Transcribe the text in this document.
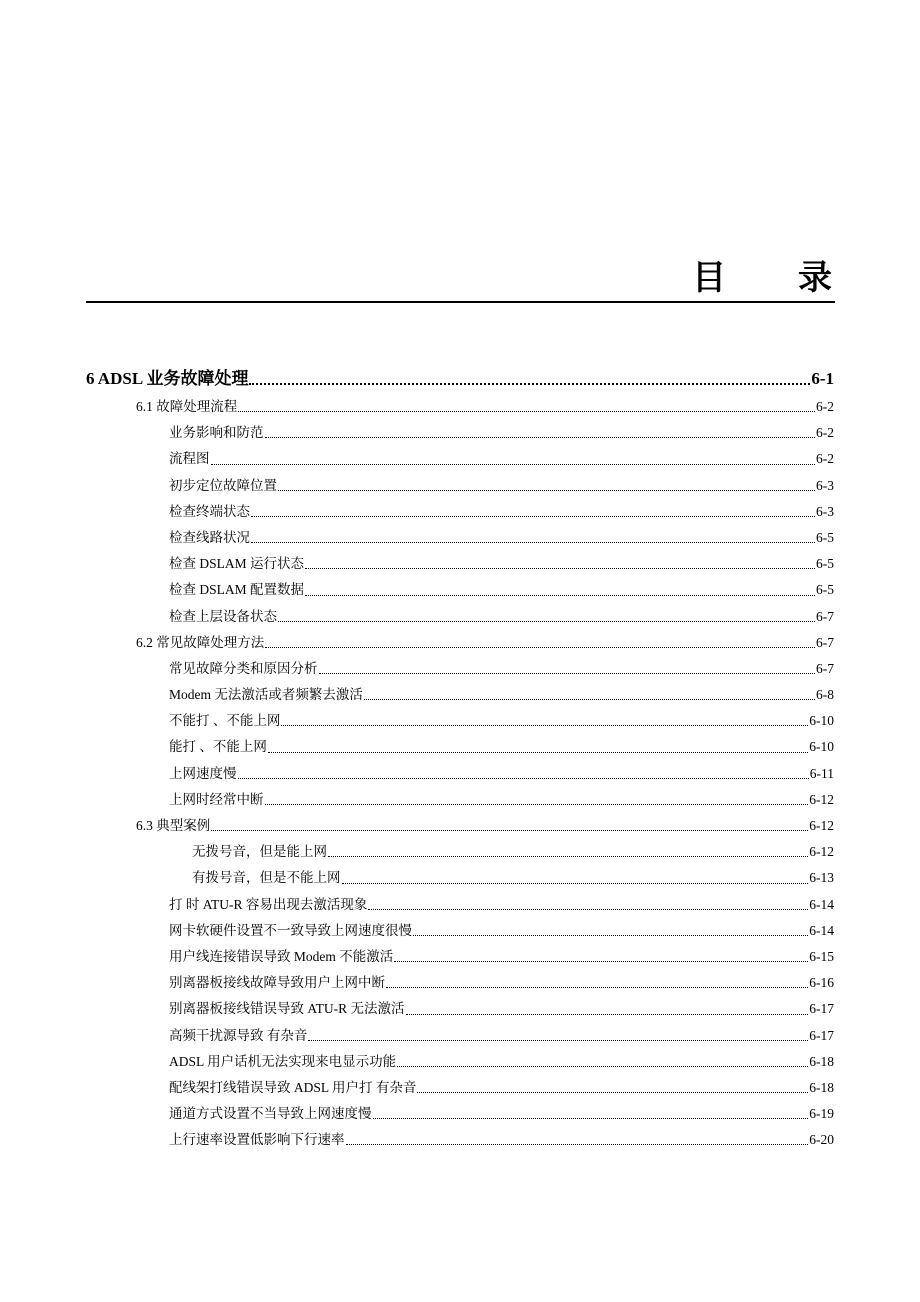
目 录
6 ADSL 业务故障处理	6-1
6.1 故障处理流程	6-2
业务影响和防范	6-2
流程图	6-2
初步定位故障位置	6-3
检查终端状态	6-3
检查线路状况	6-5
检查 DSLAM 运行状态	6-5
检查 DSLAM 配置数据	6-5
检查上层设备状态	6-7
6.2 常见故障处理方法	6-7
常见故障分类和原因分析	6-7
Modem 无法激活或者频繁去激活	6-8
不能打 、不能上网	6-10
能打 、不能上网	6-10
上网速度慢	6-11
上网时经常中断	6-12
6.3 典型案例	6-12
无拨号音，但是能上网	6-12
有拨号音，但是不能上网	6-13
打 时 ATU-R 容易出现去激活现象	6-14
网卡软硬件设置不一致导致上网速度很慢	6-14
用户线连接错误导致 Modem 不能激活	6-15
别离器板接线故障导致用户上网中断	6-16
别离器板接线错误导致 ATU-R 无法激活	6-17
高频干扰源导致 有杂音	6-17
ADSL 用户话机无法实现来电显示功能	6-18
配线架打线错误导致 ADSL 用户打 有杂音	6-18
通道方式设置不当导致上网速度慢	6-19
上行速率设置低影响下行速率	6-20
